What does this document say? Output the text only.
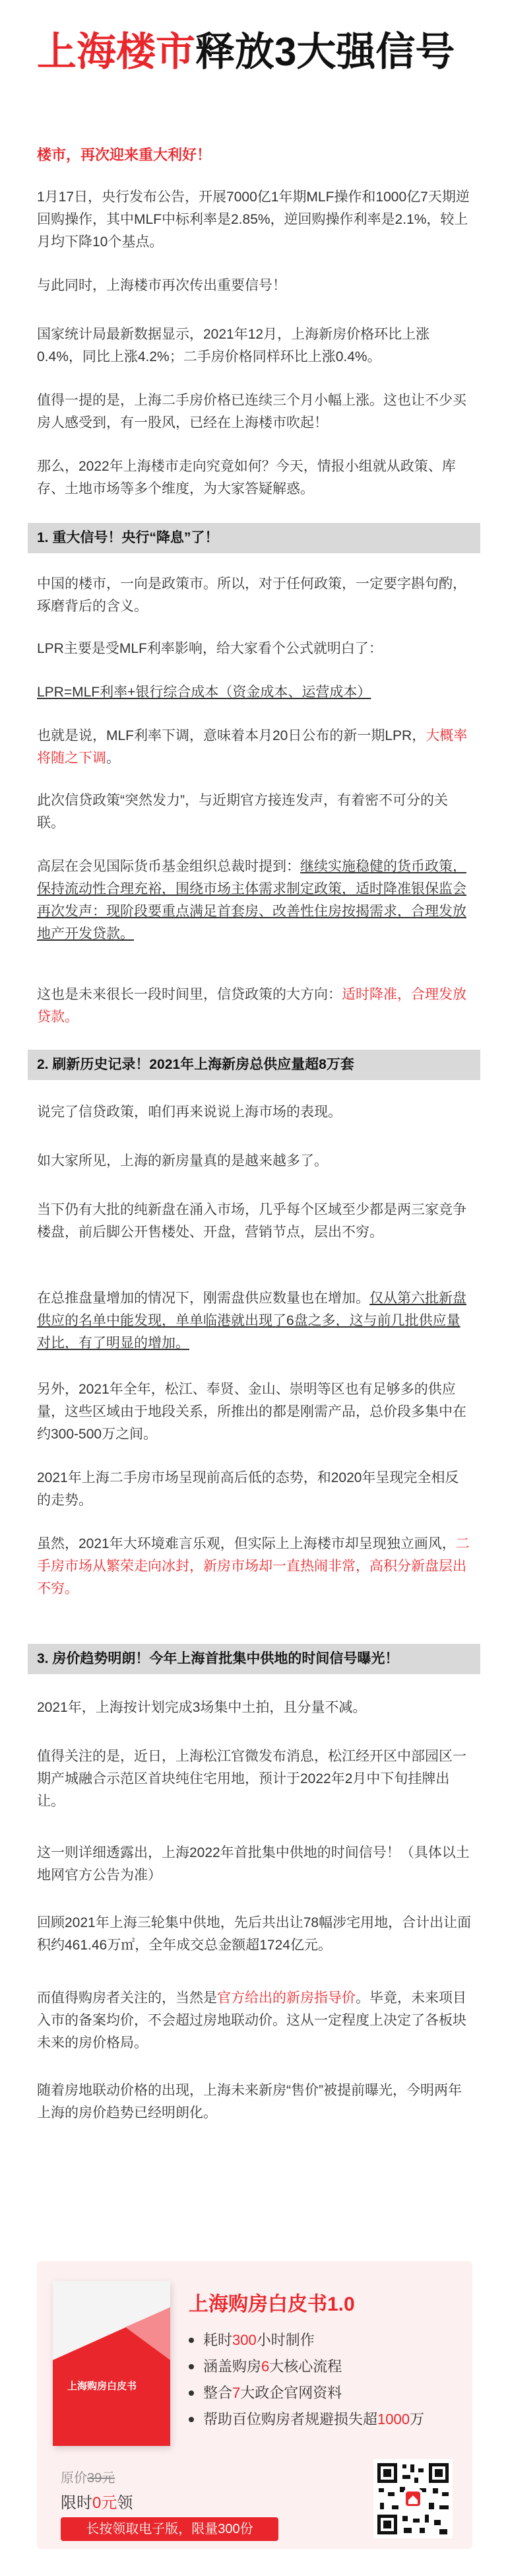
上海楼市释放3大强信号
楼市，再次迎来重大利好！
1月17日，央行发布公告，开展7000亿1年期MLF操作和1000亿7天期逆回购操作，其中MLF中标利率是2.85%，逆回购操作利率是2.1%，较上月均下降10个基点。
与此同时，上海楼市再次传出重要信号！
国家统计局最新数据显示，2021年12月，上海新房价格环比上涨0.4%，同比上涨4.2%；二手房价格同样环比上涨0.4%。
值得一提的是，上海二手房价格已连续三个月小幅上涨。这也让不少买房人感受到，有一股风，已经在上海楼市吹起！
那么，2022年上海楼市走向究竟如何？今天，情报小组就从政策、库存、土地市场等多个维度，为大家答疑解惑。
1. 重大信号！央行“降息”了！
中国的楼市，一向是政策市。所以，对于任何政策，一定要字斟句酌，琢磨背后的含义。
LPR主要是受MLF利率影响，给大家看个公式就明白了：
LPR=MLF利率+银行综合成本（资金成本、运营成本）
也就是说，MLF利率下调，意味着本月20日公布的新一期LPR，大概率将随之下调。
此次信贷政策“突然发力”，与近期官方接连发声，有着密不可分的关联。
高层在会见国际货币基金组织总裁时提到：继续实施稳健的货币政策，保持流动性合理充裕，围绕市场主体需求制定政策，适时降准银保监会再次发声：现阶段要重点满足首套房、改善性住房按揭需求，合理发放地产开发贷款。
这也是未来很长一段时间里，信贷政策的大方向：适时降准，合理发放贷款。
2. 刷新历史记录！2021年上海新房总供应量超8万套
说完了信贷政策，咱们再来说说上海市场的表现。
如大家所见，上海的新房量真的是越来越多了。
当下仍有大批的纯新盘在涌入市场，几乎每个区域至少都是两三家竞争楼盘，前后脚公开售楼处、开盘，营销节点，层出不穷。
在总推盘量增加的情况下，刚需盘供应数量也在增加。仅从第六批新盘供应的名单中能发现，单单临港就出现了6盘之多，这与前几批供应量对比，有了明显的增加。
另外，2021年全年，松江、奉贤、金山、崇明等区也有足够多的供应量，这些区域由于地段关系，所推出的都是刚需产品，总价段多集中在约300-500万之间。
2021年上海二手房市场呈现前高后低的态势，和2020年呈现完全相反的走势。
虽然，2021年大环境难言乐观，但实际上上海楼市却呈现独立画风，二手房市场从繁荣走向冰封，新房市场却一直热闹非常，高积分新盘层出不穷。
3. 房价趋势明朗！今年上海首批集中供地的时间信号曝光！
2021年，上海按计划完成3场集中土拍，且分量不减。
值得关注的是，近日，上海松江官微发布消息，松江经开区中部园区一期产城融合示范区首块纯住宅用地，预计于2022年2月中下旬挂牌出让。
这一则详细透露出，上海2022年首批集中供地的时间信号！（具体以土地网官方公告为准）
回顾2021年上海三轮集中供地，先后共出让78幅涉宅用地，合计出让面积约461.46万㎡，全年成交总金额超1724亿元。
而值得购房者关注的，当然是官方给出的新房指导价。毕竟，未来项目入市的备案均价，不会超过房地联动价。这从一定程度上决定了各板块未来的房价格局。
随着房地联动价格的出现，上海未来新房“售价”被提前曝光，今明两年上海的房价趋势已经明朗化。
上海购房白皮书
上海购房白皮书1.0
耗时 300 小时制作
涵盖购房 6 大核心流程
整合 7 大政企官网资料
帮助百位购房者规避损失超 1000 万
原价39元
限时0元领
长按领取电子版，限量300份
